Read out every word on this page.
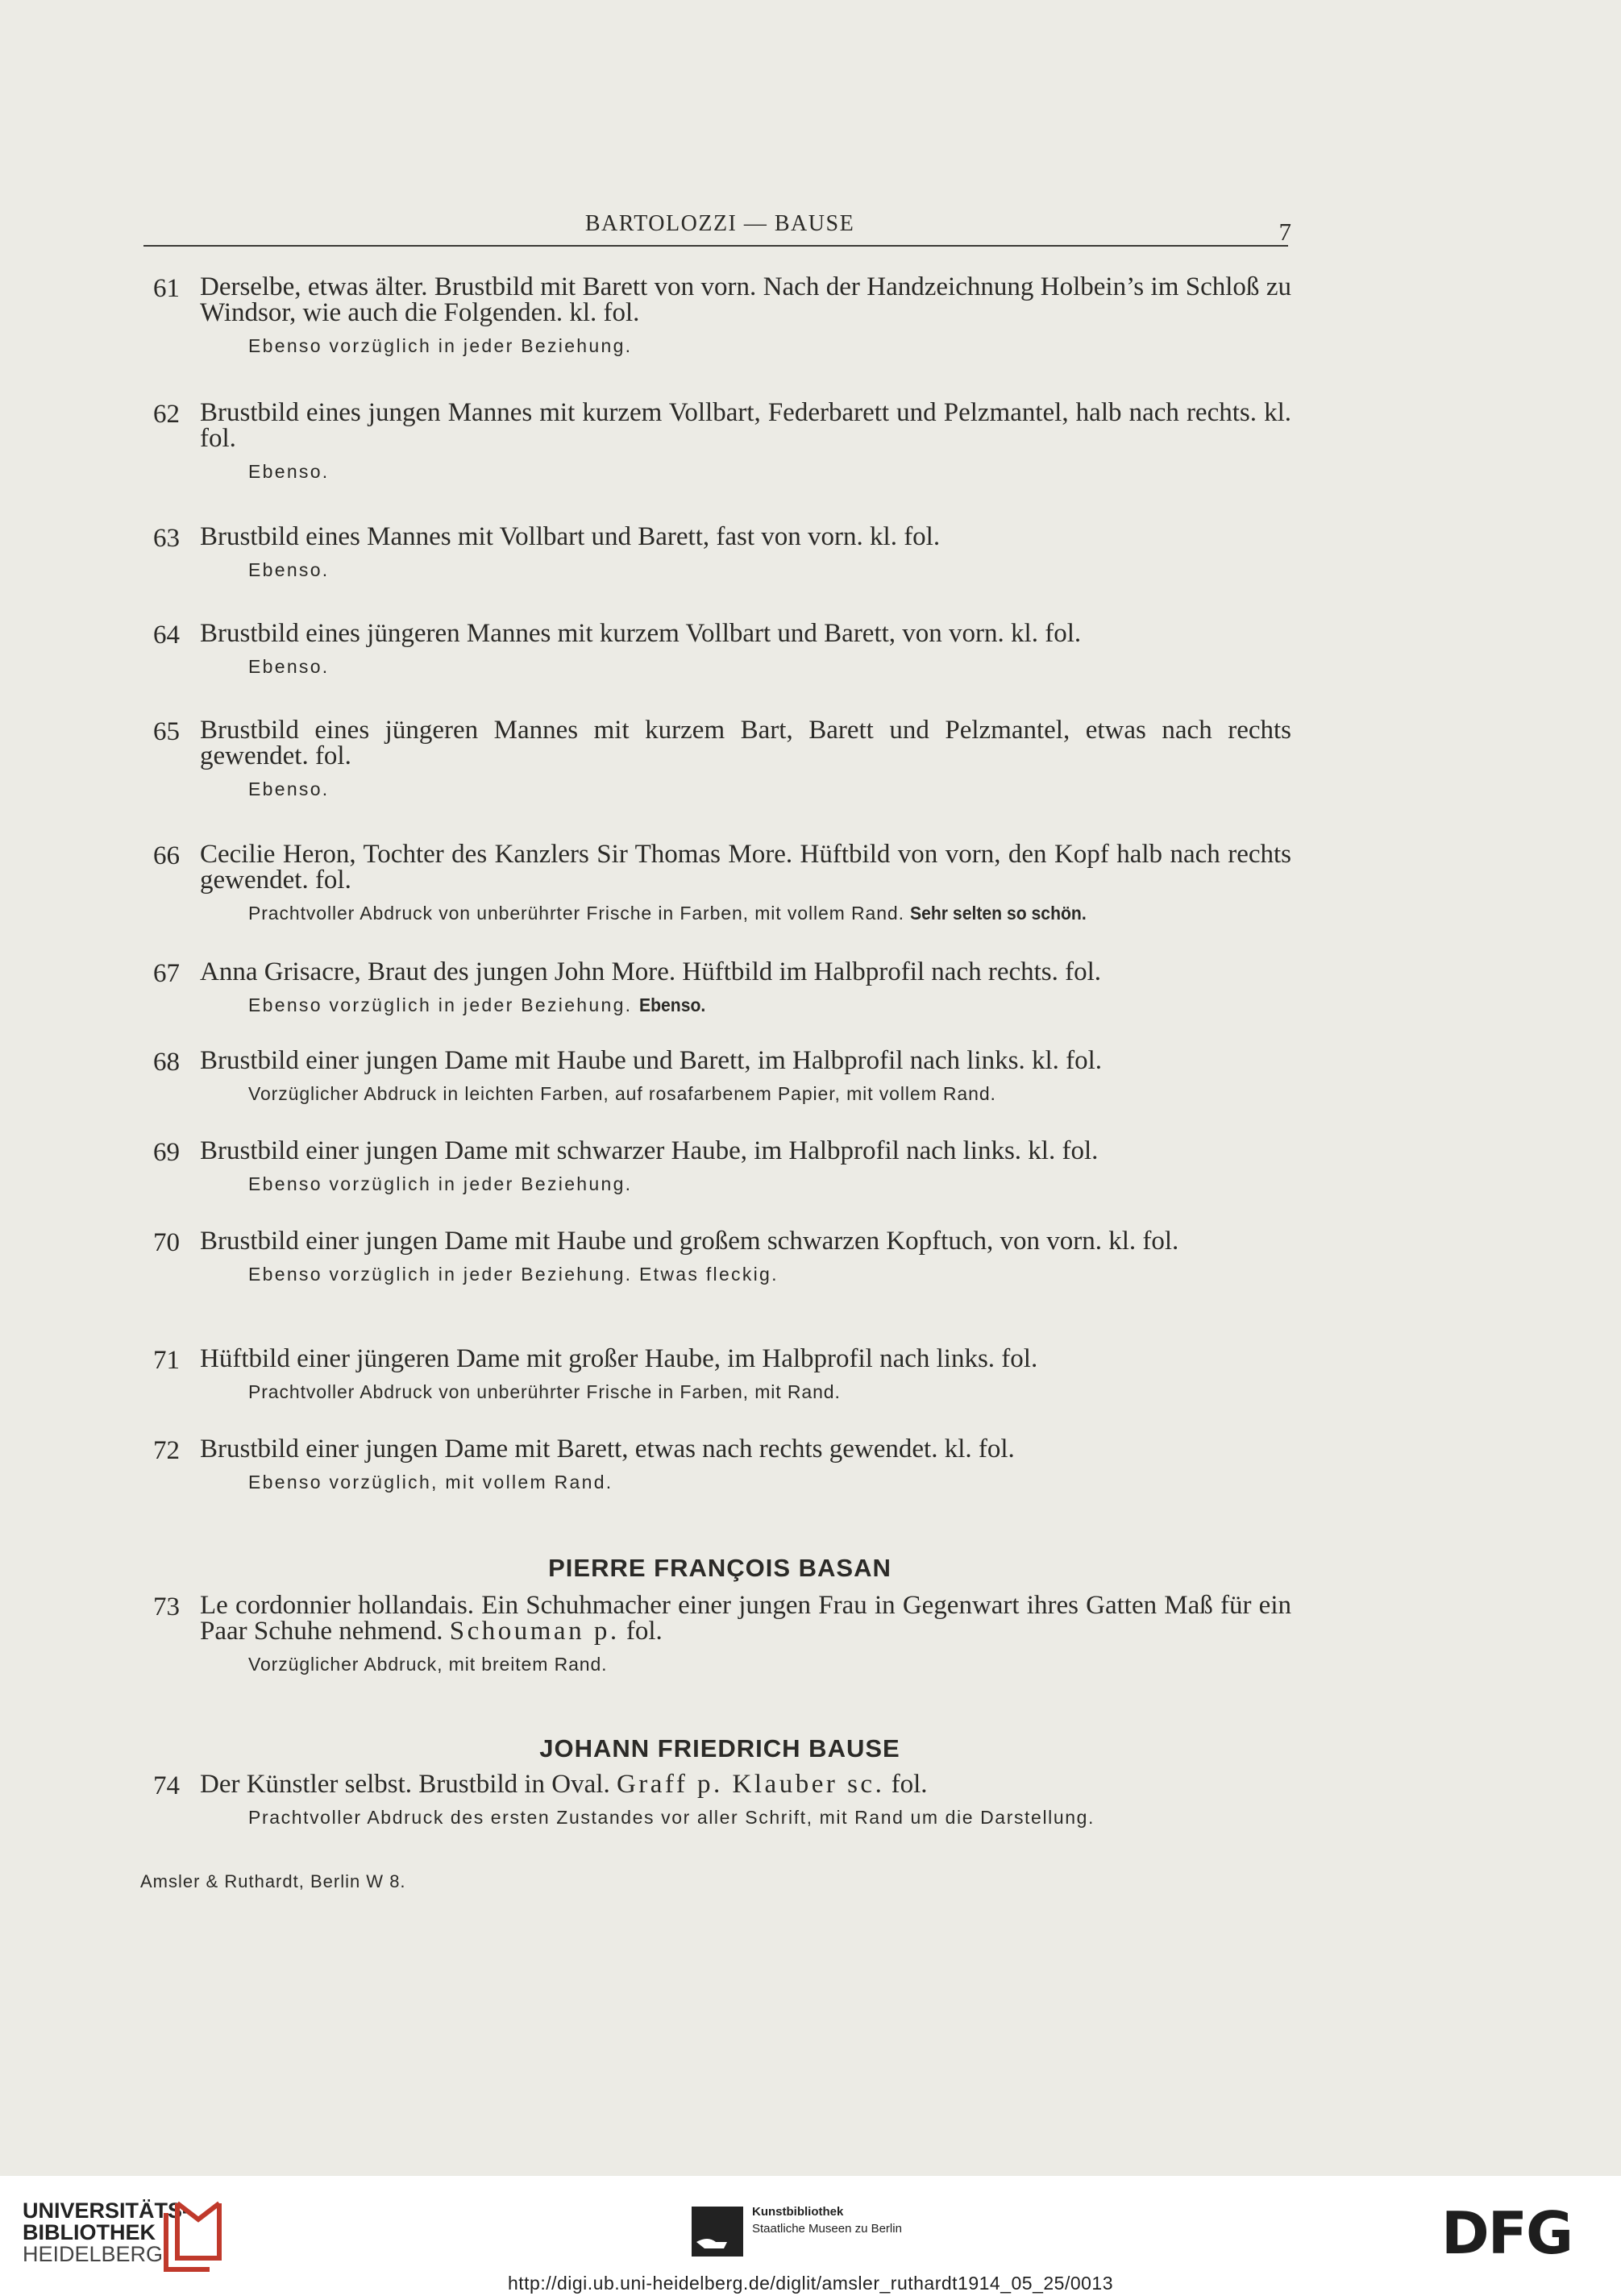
BARTOLOZZI — BAUSE	7
61 Derselbe, etwas älter. Brustbild mit Barett von vorn. Nach der Handzeichnung Holbein’s im Schloß zu Windsor, wie auch die Folgenden. kl. fol.
Ebenso vorzüglich in jeder Beziehung.
62 Brustbild eines jungen Mannes mit kurzem Vollbart, Federbarett und Pelzmantel, halb nach rechts. kl. fol.
Ebenso.
63 Brustbild eines Mannes mit Vollbart und Barett, fast von vorn. kl. fol.
Ebenso.
64 Brustbild eines jüngeren Mannes mit kurzem Vollbart und Barett, von vorn. kl. fol.
Ebenso.
65 Brustbild eines jüngeren Mannes mit kurzem Bart, Barett und Pelzmantel, etwas nach rechts gewendet. fol.
Ebenso.
66 Cecilie Heron, Tochter des Kanzlers Sir Thomas More. Hüftbild von vorn, den Kopf halb nach rechts gewendet. fol.
Prachtvoller Abdruck von unberührter Frische in Farben, mit vollem Rand. Sehr selten so schön.
67 Anna Grisacre, Braut des jungen John More. Hüftbild im Halbprofil nach rechts. fol.
Ebenso vorzüglich in jeder Beziehung. Ebenso.
68 Brustbild einer jungen Dame mit Haube und Barett, im Halbprofil nach links. kl. fol.
Vorzüglicher Abdruck in leichten Farben, auf rosafarbenem Papier, mit vollem Rand.
69 Brustbild einer jungen Dame mit schwarzer Haube, im Halbprofil nach links. kl. fol.
Ebenso vorzüglich in jeder Beziehung.
70 Brustbild einer jungen Dame mit Haube und großem schwarzen Kopftuch, von vorn. kl. fol.
Ebenso vorzüglich in jeder Beziehung. Etwas fleckig.
71 Hüftbild einer jüngeren Dame mit großer Haube, im Halbprofil nach links. fol.
Prachtvoller Abdruck von unberührter Frische in Farben, mit Rand.
72 Brustbild einer jungen Dame mit Barett, etwas nach rechts gewendet. kl. fol.
Ebenso vorzüglich, mit vollem Rand.
PIERRE FRANÇOIS BASAN
73 Le cordonnier hollandais. Ein Schuhmacher einer jungen Frau in Gegenwart ihres Gatten Maß für ein Paar Schuhe nehmend. Schouman p. fol.
Vorzüglicher Abdruck, mit breitem Rand.
JOHANN FRIEDRICH BAUSE
74 Der Künstler selbst. Brustbild in Oval. Graff p. Klauber sc. fol.
Prachtvoller Abdruck des ersten Zustandes vor aller Schrift, mit Rand um die Darstellung.
Amsler & Ruthardt, Berlin W 8.
UNIVERSITÄTS-
BIBLIOTHEK
HEIDELBERG
Kunstbibliothek
Staatliche Museen zu Berlin	DFG
http://digi.ub.uni-heidelberg.de/diglit/amsler_ruthardt1914_05_25/0013
